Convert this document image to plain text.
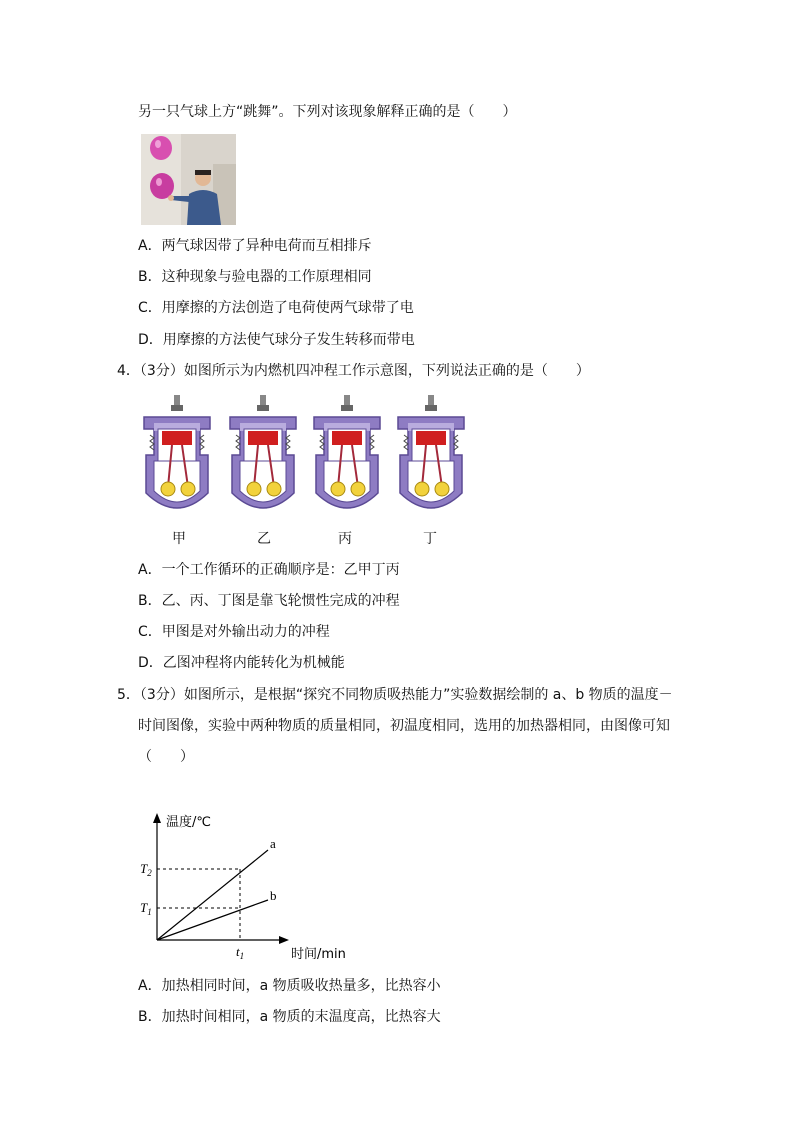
另一只气球上方“跳舞”。下列对该现象解释正确的是（　　）
A．两气球因带了异种电荷而互相排斥
B．这种现象与验电器的工作原理相同
C．用摩擦的方法创造了电荷使两气球带了电
D．用摩擦的方法使气球分子发生转移而带电
4．（3分）如图所示为内燃机四冲程工作示意图，下列说法正确的是（　　）
甲	乙	丙	丁
A．一个工作循环的正确顺序是：乙甲丁丙
B．乙、丙、丁图是靠飞轮惯性完成的冲程
C．甲图是对外输出动力的冲程
D．乙图冲程将内能转化为机械能
5．（3分）如图所示，是根据“探究不同物质吸热能力”实验数据绘制的 a、b 物质的温度－
时间图像，实验中两种物质的质量相同，初温度相同，选用的加热器相同，由图像可知
（　　）
温度/℃
时间/min
$T_2$
$T_1$
$t_1$
a
b
A．加热相同时间，a 物质吸收热量多，比热容小
B．加热时间相同，a 物质的末温度高，比热容大
